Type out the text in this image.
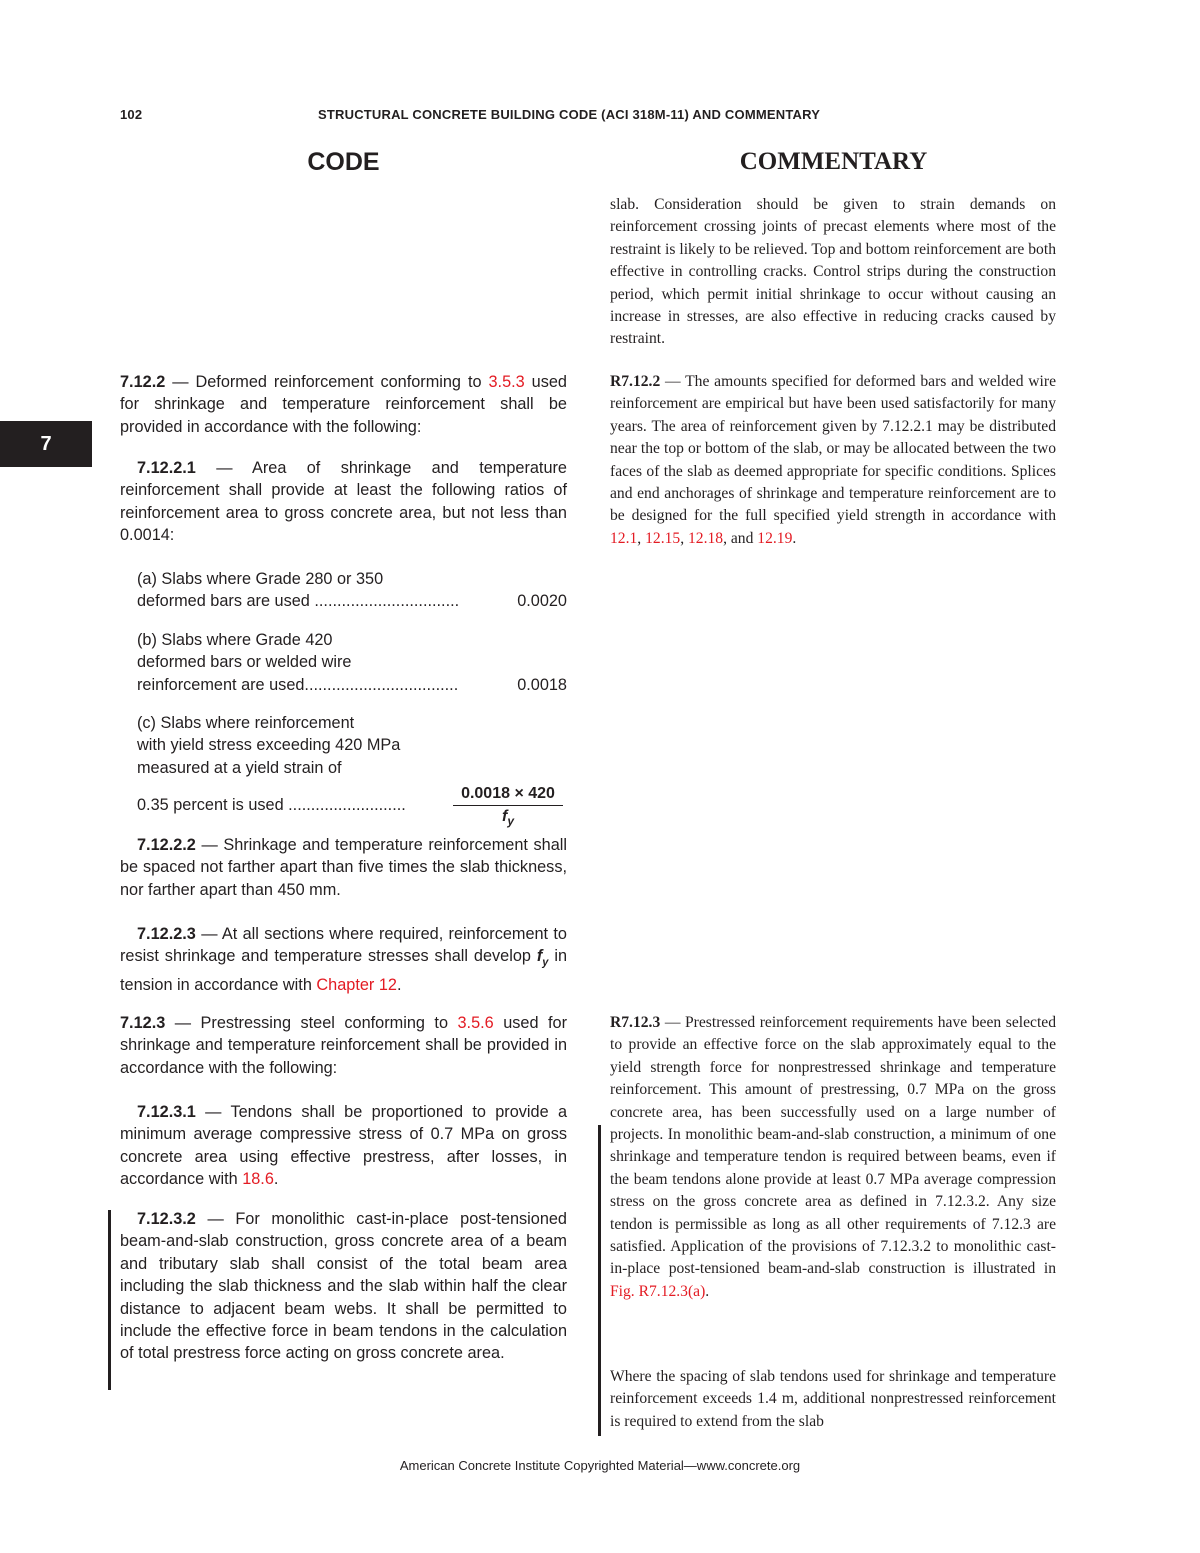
102	STRUCTURAL CONCRETE BUILDING CODE (ACI 318M-11) AND COMMENTARY
CODE	COMMENTARY
7

slab. Consideration should be given to strain demands on reinforcement crossing joints of precast elements where most of the restraint is likely to be relieved. Top and bottom reinforcement are both effective in controlling cracks. Control strips during the construction period, which permit initial shrinkage to occur without causing an increase in stresses, are also effective in reducing cracks caused by restraint.

7.12.2 — Deformed reinforcement conforming to 3.5.3 used for shrinkage and temperature reinforcement shall be provided in accordance with the following:

R7.12.2 — The amounts specified for deformed bars and welded wire reinforcement are empirical but have been used satisfactorily for many years. The area of reinforcement given by 7.12.2.1 may be distributed near the top or bottom of the slab, or may be allocated between the two faces of the slab as deemed appropriate for specific conditions. Splices and end anchorages of shrinkage and temperature reinforcement are to be designed for the full specified yield strength in accordance with 12.1, 12.15, 12.18, and 12.19.

7.12.2.1 — Area of shrinkage and temperature reinforcement shall provide at least the following ratios of reinforcement area to gross concrete area, but not less than 0.0014:

(a) Slabs where Grade 280 or 350
deformed bars are used ................................	0.0020
(b) Slabs where Grade 420
deformed bars or welded wire
reinforcement are used..................................	0.0018
(c) Slabs where reinforcement
with yield stress exceeding 420 MPa
measured at a yield strain of
0.35 percent is used ..........................	$\frac{0.0018 \times 420}{f_y}$

7.12.2.2 — Shrinkage and temperature reinforcement shall be spaced not farther apart than five times the slab thickness, nor farther apart than 450 mm.

7.12.2.3 — At all sections where required, reinforcement to resist shrinkage and temperature stresses shall develop $f_y$ in tension in accordance with Chapter 12.

7.12.3 — Prestressing steel conforming to 3.5.6 used for shrinkage and temperature reinforcement shall be provided in accordance with the following:

R7.12.3 — Prestressed reinforcement requirements have been selected to provide an effective force on the slab approximately equal to the yield strength force for nonprestressed shrinkage and temperature reinforcement. This amount of prestressing, 0.7 MPa on the gross concrete area, has been successfully used on a large number of projects. In monolithic beam-and-slab construction, a minimum of one shrinkage and temperature tendon is required between beams, even if the beam tendons alone provide at least 0.7 MPa average compression stress on the gross concrete area as defined in 7.12.3.2. Any size tendon is permissible as long as all other requirements of 7.12.3 are satisfied. Application of the provisions of 7.12.3.2 to monolithic cast-in-place post-tensioned beam-and-slab construction is illustrated in Fig. R7.12.3(a).

7.12.3.1 — Tendons shall be proportioned to provide a minimum average compressive stress of 0.7 MPa on gross concrete area using effective prestress, after losses, in accordance with 18.6.

7.12.3.2 — For monolithic cast-in-place post-tensioned beam-and-slab construction, gross concrete area of a beam and tributary slab shall consist of the total beam area including the slab thickness and the slab within half the clear distance to adjacent beam webs. It shall be permitted to include the effective force in beam tendons in the calculation of total prestress force acting on gross concrete area.

Where the spacing of slab tendons used for shrinkage and temperature reinforcement exceeds 1.4 m, additional nonprestressed reinforcement is required to extend from the slab

American Concrete Institute Copyrighted Material—www.concrete.org
